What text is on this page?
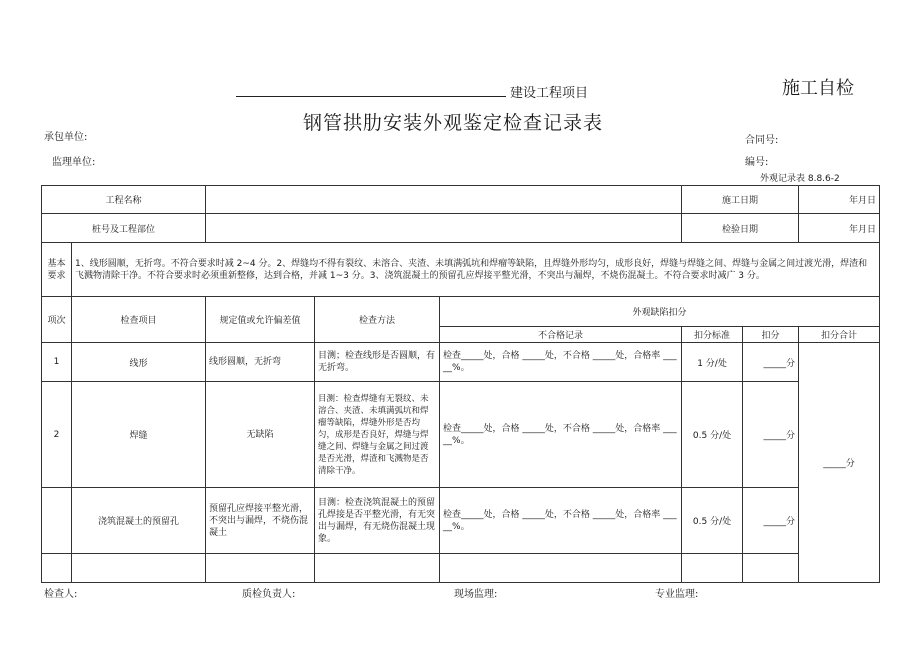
建设工程项目	施工自检
钢管拱肋安装外观鉴定检查记录表
承包单位:
监理单位:
合同号:
编号:
外观记录表 8.8.6-2
工程名称					施工日期		年月日
桩号及工程部位					检验日期		年月日
基本要求	1、线形圆顺，无折弯。不符合要求时减 2~4 分。2、焊缝均不得有裂纹、未溶合、夹渣、未填满弧坑和焊瘤等缺陷，且焊缝外形均匀，成形良好，焊缝与焊缝之间、焊缝与金属之间过渡光滑，焊渣和飞溅物清除干净。不符合要求时必须重新整修，达到合格，并减 1~3 分。3、浇筑混凝土的预留孔应焊接平整光滑，不突出与漏焊，不烧伤混凝土。不符合要求时减广 3 分。						
项次	检查项目	规定值或允许偏差值	检查方法	外观缺陷扣分			
				不合格记录	扣分标准	扣分	扣分合计
1	线形	线形圆顺，无折弯	目测；检查线形是否圆顺，有无折弯。	检查_____处，合格 _____处，不合格 _____处，合格率 _____%。	1 分/处	_____分	_____分
2	焊缝	无缺陷	目测：检查焊缝有无裂纹、未溶合、夹渣、未填满弧坑和焊瘤等缺陷，焊缝外形是否均匀，成形是否良好，焊缝与焊缝之间、焊缝与金属之间过渡是否光滑，焊渣和飞溅物是否清除干净。	检查_____处，合格 _____处，不合格 _____处，合格率 _____%。	0.5 分/处	_____分	
	浇筑混凝土的预留孔	预留孔应焊接平整光滑，不突出与漏焊，不烧伤混凝土	目测：检查浇筑混凝土的预留孔焊接是否平整光滑，有无突出与漏焊，有无烧伤混凝土现象。	检查_____处，合格 _____处，不合格 _____处，合格率 _____%。	0.5 分/处	_____分	

检查人:	质检负责人:	现场监理:	专业监理:
